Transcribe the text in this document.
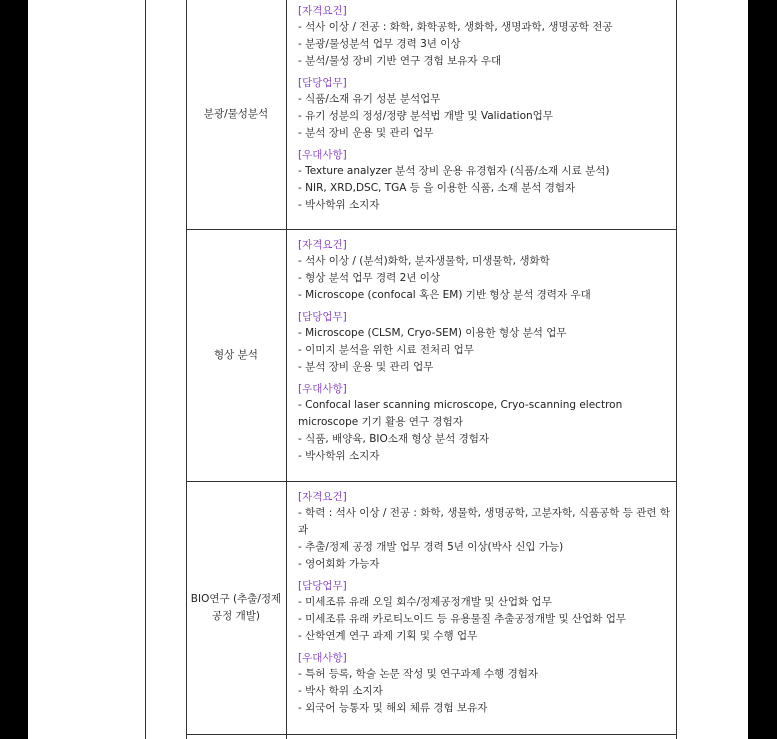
분광/물성분석
[자격요건]
- 석사 이상 / 전공 : 화학, 화학공학, 생화학, 생명과학, 생명공학 전공
- 분광/물성분석 업무 경력 3년 이상
- 분석/물성 장비 기반 연구 경험 보유자 우대
[담당업무]
- 식품/소재 유기 성분 분석업무
- 유기 성분의 정성/정량 분석법 개발 및 Validation업무
- 분석 장비 운용 및 관리 업무
[우대사항]
- Texture analyzer 분석 장비 운용 유경험자 (식품/소재 시료 분석)
- NIR, XRD,DSC, TGA 등 을 이용한 식품, 소재 분석 경험자
- 박사학위 소지자
형상 분석
[자격요건]
- 석사 이상 / (분석)화학, 분자생물학, 미생물학, 생화학
- 형상 분석 업무 경력 2년 이상
- Microscope (confocal 혹은 EM) 기반 형상 분석 경력자 우대
[담당업무]
- Microscope (CLSM, Cryo-SEM) 이용한 형상 분석 업무
- 이미지 분석을 위한 시료 전처리 업무
- 분석 장비 운용 및 관리 업무
[우대사항]
- Confocal laser scanning microscope, Cryo-scanning electron microscope 기기 활용 연구 경험자
- 식품, 배양육, BIO소재 형상 분석 경험자
- 박사학위 소지자
BIO연구 (추출/정제 공정 개발)
[자격요건]
- 학력 : 석사 이상 / 전공 : 화학, 생물학, 생명공학, 고분자학, 식품공학 등 관련 학과
- 추출/정제 공정 개발 업무 경력 5년 이상(박사 신입 가능)
- 영어회화 가능자
[담당업무]
- 미세조류 유래 오일 회수/정제공정개발 및 산업화 업무
- 미세조류 유래 카로티노이드 등 유용물질 추출공정개발 및 산업화 업무
- 산학연계 연구 과제 기획 및 수행 업무
[우대사항]
- 특허 등록, 학술 논문 작성 및 연구과제 수행 경험자
- 박사 학위 소지자
- 외국어 능통자 및 해외 체류 경험 보유자
